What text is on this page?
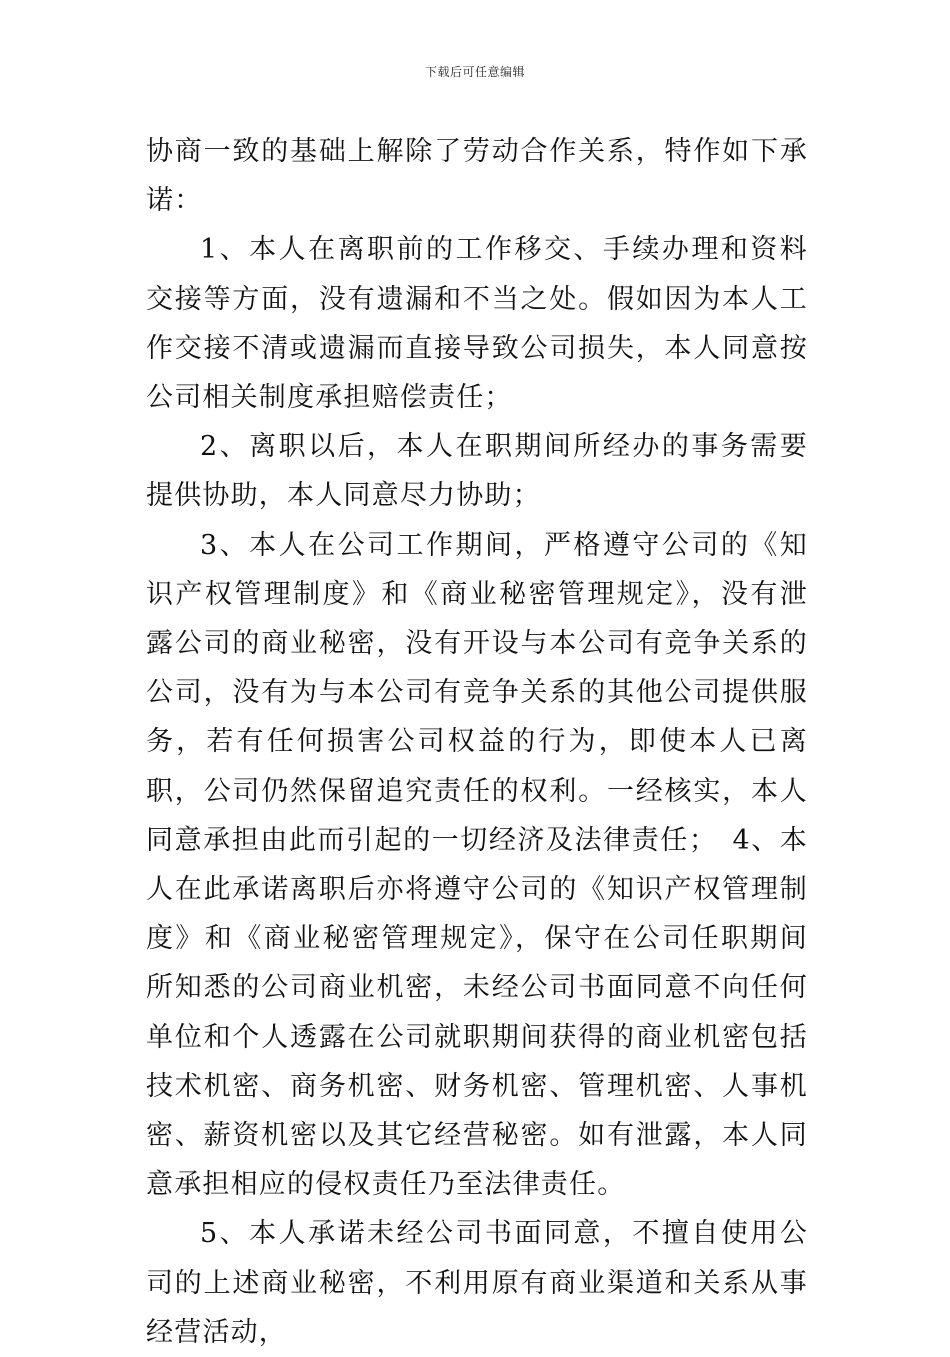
下载后可任意编辑

协商一致的基础上解除了劳动合作关系，特作如下承诺：

1、本人在离职前的工作移交、手续办理和资料交接等方面，没有遗漏和不当之处。假如因为本人工作交接不清或遗漏而直接导致公司损失，本人同意按公司相关制度承担赔偿责任；

2、离职以后，本人在职期间所经办的事务需要提供协助，本人同意尽力协助；

3、本人在公司工作期间，严格遵守公司的《知识产权管理制度》和《商业秘密管理规定》，没有泄露公司的商业秘密，没有开设与本公司有竞争关系的公司，没有为与本公司有竞争关系的其他公司提供服务，若有任何损害公司权益的行为，即使本人已离职，公司仍然保留追究责任的权利。一经核实，本人同意承担由此而引起的一切经济及法律责任；　4、本人在此承诺离职后亦将遵守公司的《知识产权管理制度》和《商业秘密管理规定》，保守在公司任职期间所知悉的公司商业机密，未经公司书面同意不向任何单位和个人透露在公司就职期间获得的商业机密包括技术机密、商务机密、财务机密、管理机密、人事机密、薪资机密以及其它经营秘密。如有泄露，本人同意承担相应的侵权责任乃至法律责任。

5、本人承诺未经公司书面同意，不擅自使用公司的上述商业秘密，不利用原有商业渠道和关系从事经营活动，
